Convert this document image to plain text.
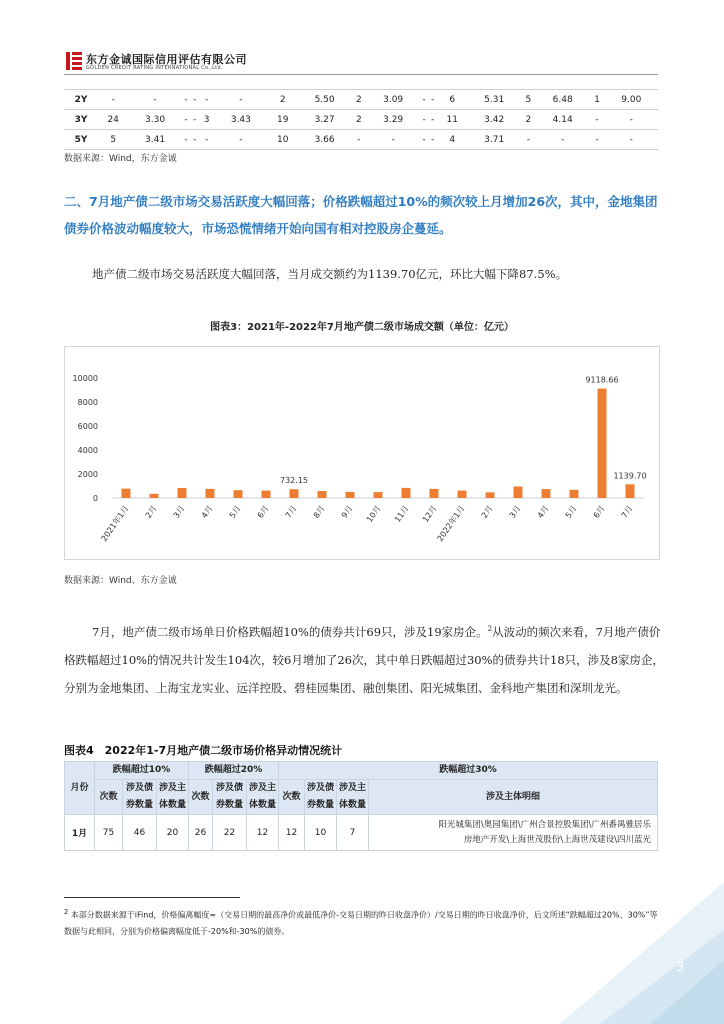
3
东方金诚国际信用评估有限公司
GOLDEN CREDIT RATING INTERNATIONAL Co.,Ltd.
2Y	-	-	-	-	-	-	2	5.50	2	3.09	-	-	6	5.31	5	6.48	1	9.00
3Y	24	3.30	-	-	3	3.43	19	3.27	2	3.29	-	-	11	3.42	2	4.14	-	-
5Y	5	3.41	-	-	-	-	10	3.66	-	-	-	-	4	3.71	-	-	-	-
数据来源：Wind，东方金诚
二、7月地产债二级市场交易活跃度大幅回落；价格跌幅超过10%的频次较上月增加26次，其中，金地集团债券价格波动幅度较大，市场恐慌情绪开始向国有相对控股房企蔓延。
地产债二级市场交易活跃度大幅回落，当月成交额约为1139.70亿元，环比大幅下降87.5%。
图表3：2021年-2022年7月地产债二级市场成交额（单位：亿元）
0
2000
4000
6000
8000
10000
2021年1月 2月 3月 4月 5月 6月 7月
732.15
8月 9月 10月 11月 12月
2022年1月 2月 3月 4月 5月 6月
9118.66
7月
1139.70
数据来源：Wind、东方金诚
7月，地产债二级市场单日价格跌幅超10%的债券共计69只，涉及19家房企。$^2$从波动的频次来看，7月地产债价格跌幅超过10%的情况共计发生104次，较6月增加了26次，其中单日跌幅超过30%的债券共计18只，涉及8家房企，分别为金地集团、上海宝龙实业、远洋控股、碧桂园集团、融创集团、阳光城集团、金科地产集团和深圳龙光。
图表4　2022年1-7月地产债二级市场价格异动情况统计
月份	跌幅超过10%			跌幅超过20%			跌幅超过30%			
	次数	涉及债券数量	涉及主体数量	次数	涉及债券数量	涉及主体数量	次数	涉及债券数量	涉及主体数量	涉及主体明细
1月	75	46	20	26	22	12	12	10	7	阳光城集团\奥园集团\广州合景控股集团\广州番禺雅居乐
房地产开发\上海世茂股份\上海世茂建设\四川蓝光
$^2$ 本部分数据来源于iFind，价格偏离幅度=（交易日期的最高净价或最低净价-交易日期的昨日收盘净价）/交易日期的昨日收盘净价，后文所述“跌幅超过20%、30%”等数据与此相同，分别为价格偏离幅度低于-20%和-30%的债券。
